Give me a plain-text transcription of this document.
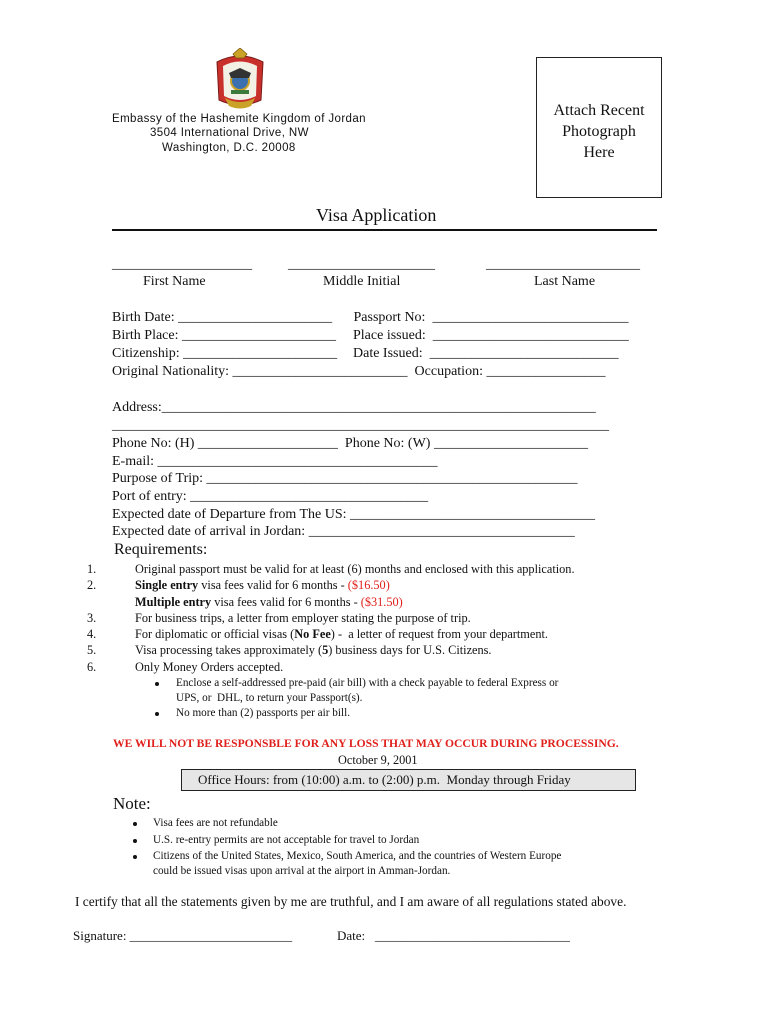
Embassy of the Hashemite Kingdom of Jordan
3504 International Drive, NW
Washington, D.C. 20008
Attach Recent
Photograph
Here
Visa Application
____________________	_____________________	______________________
First Name	Middle Initial	Last Name
Birth Date: ______________________ Passport No:  ____________________________
Birth Place: ______________________ Place issued:  ____________________________
Citizenship: ______________________ Date Issued:  ___________________________
Original Nationality: _________________________  Occupation: _________________
Address:______________________________________________________________
_______________________________________________________________________
Phone No: (H) ____________________  Phone No: (W) ______________________
E-mail: ________________________________________
Purpose of Trip: _____________________________________________________
Port of entry: __________________________________
Expected date of Departure from The US: ___________________________________
Expected date of arrival in Jordan: ______________________________________
Requirements:
1.	Original passport must be valid for at least (6) months and enclosed with this application.
2.	Single entry visa fees valid for 6 months - ($16.50)
Multiple entry visa fees valid for 6 months - ($31.50)
3.	For business trips, a letter from employer stating the purpose of trip.
4.	For diplomatic or official visas (No Fee) -  a letter of request from your department.
5.	Visa processing takes approximately (5) business days for U.S. Citizens.
6.	Only Money Orders accepted.
Enclose a self-addressed pre-paid (air bill) with a check payable to federal Express or
UPS, or  DHL, to return your Passport(s).
No more than (2) passports per air bill.
WE WILL NOT BE RESPONSBLE FOR ANY LOSS THAT MAY OCCUR DURING PROCESSING.
October 9, 2001
Office Hours: from (10:00) a.m. to (2:00) p.m.  Monday through Friday
Note:
Visa fees are not refundable
U.S. re-entry permits are not acceptable for travel to Jordan
Citizens of the United States, Mexico, South America, and the countries of Western Europe
could be issued visas upon arrival at the airport in Amman-Jordan.
I certify that all the statements given by me are truthful, and I am aware of all regulations stated above.
Signature: _________________________	Date:   ______________________________
